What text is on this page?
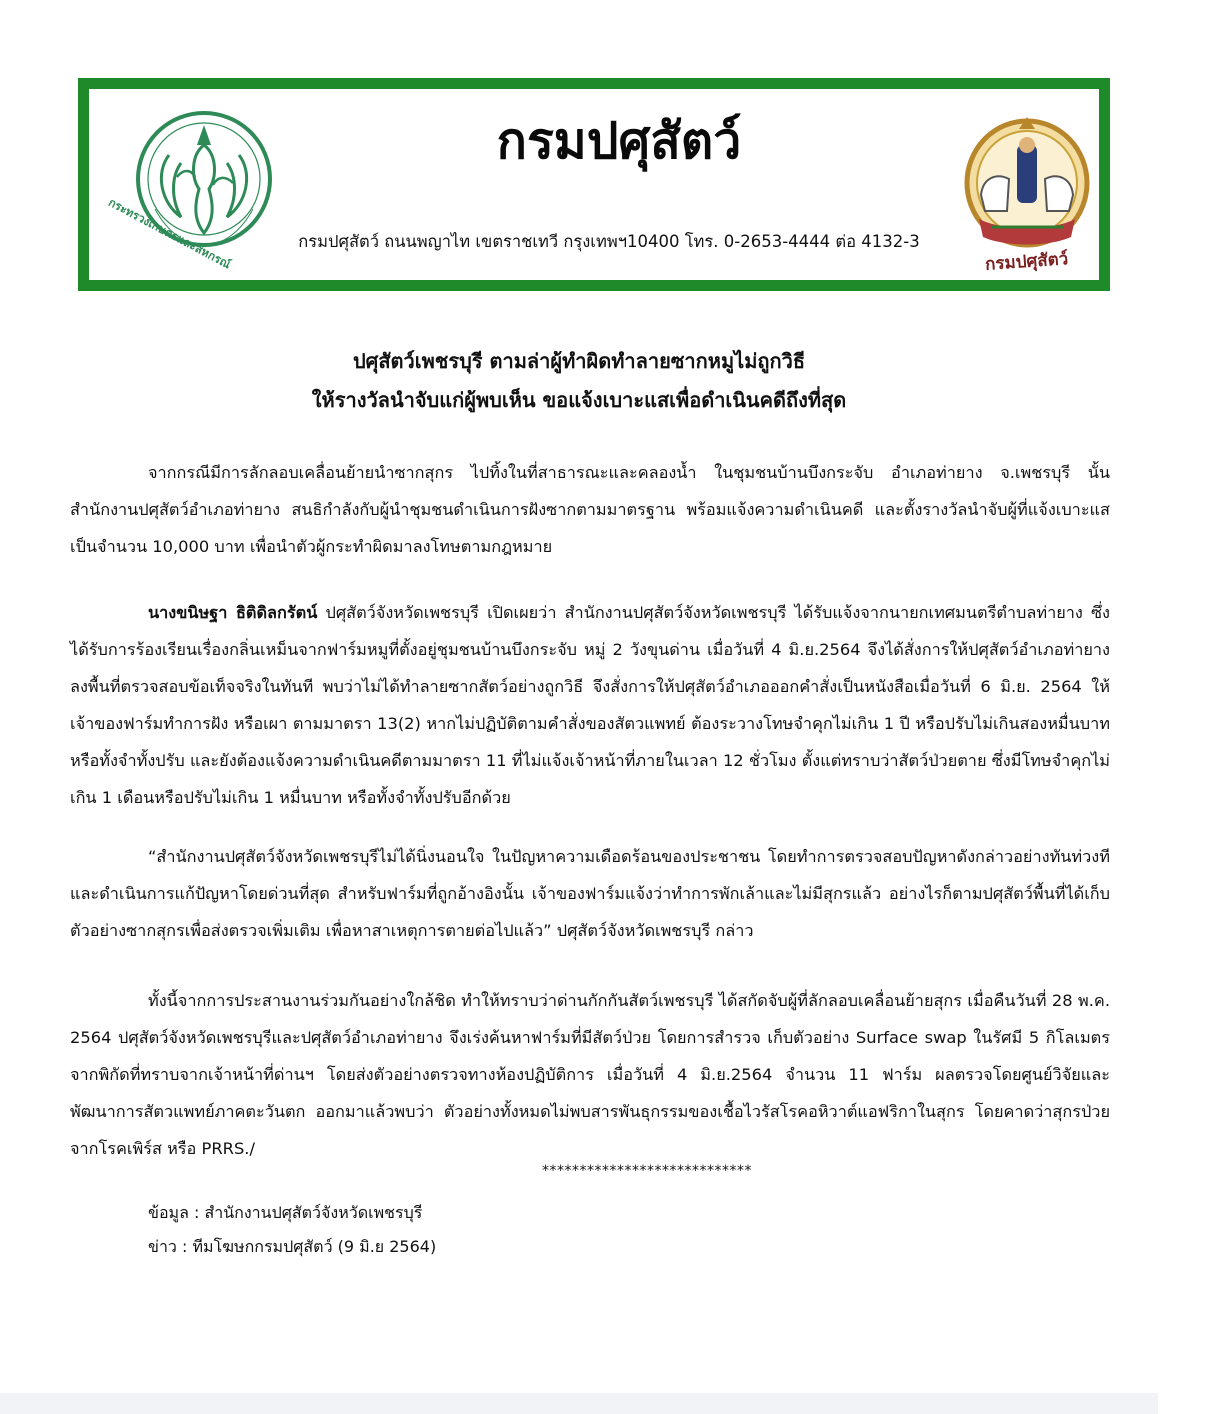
กระทรวงเกษตรและสหกรณ์
กรมปศุสัตว์
กรมปศุสัตว์ ถนนพญาไท เขตราชเทวี กรุงเทพฯ10400 โทร. 0-2653-4444 ต่อ 4132-3
กรมปศุสัตว์
ปศุสัตว์เพชรบุรี ตามล่าผู้ทำผิดทำลายซากหมูไม่ถูกวิธี
ให้รางวัลนำจับแก่ผู้พบเห็น ขอแจ้งเบาะแสเพื่อดำเนินคดีถึงที่สุด

จากกรณีมีการลักลอบเคลื่อนย้ายนำซากสุกร ไปทิ้งในที่สาธารณะและคลองน้ำ ในชุมชนบ้านบึงกระจับ อำเภอท่ายาง จ.เพชรบุรี นั้น สำนักงานปศุสัตว์อำเภอท่ายาง สนธิกำลังกับผู้นำชุมชนดำเนินการฝังซากตามมาตรฐาน พร้อมแจ้งความดำเนินคดี และตั้งรางวัลนำจับผู้ที่แจ้งเบาะแส เป็นจำนวน 10,000 บาท เพื่อนำตัวผู้กระทำผิดมาลงโทษตามกฎหมาย

นางขนิษฐา ธิติดิลกรัตน์ ปศุสัตว์จังหวัดเพชรบุรี เปิดเผยว่า สำนักงานปศุสัตว์จังหวัดเพชรบุรี ได้รับแจ้งจากนายกเทศมนตรีตำบลท่ายาง ซึ่งได้รับการร้องเรียนเรื่องกลิ่นเหม็นจากฟาร์มหมูที่ตั้งอยู่ชุมชนบ้านบึงกระจับ หมู่ 2 วังขุนด่าน เมื่อวันที่ 4 มิ.ย.2564 จึงได้สั่งการให้ปศุสัตว์อำเภอท่ายาง ลงพื้นที่ตรวจสอบข้อเท็จจริงในทันที พบว่าไม่ได้ทำลายซากสัตว์อย่างถูกวิธี จึงสั่งการให้ปศุสัตว์อำเภอออกคำสั่งเป็นหนังสือเมื่อวันที่ 6 มิ.ย. 2564 ให้เจ้าของฟาร์มทำการฝัง หรือเผา ตามมาตรา 13(2) หากไม่ปฏิบัติตามคำสั่งของสัตวแพทย์ ต้องระวางโทษจำคุกไม่เกิน 1 ปี หรือปรับไม่เกินสองหมื่นบาท หรือทั้งจำทั้งปรับ และยังต้องแจ้งความดำเนินคดีตามมาตรา 11 ที่ไม่แจ้งเจ้าหน้าที่ภายในเวลา 12 ชั่วโมง ตั้งแต่ทราบว่าสัตว์ป่วยตาย ซึ่งมีโทษจำคุกไม่เกิน 1 เดือนหรือปรับไม่เกิน 1 หมื่นบาท หรือทั้งจำทั้งปรับอีกด้วย

“สำนักงานปศุสัตว์จังหวัดเพชรบุรีไม่ได้นิ่งนอนใจ ในปัญหาความเดือดร้อนของประชาชน โดยทำการตรวจสอบปัญหาดังกล่าวอย่างทันท่วงที และดำเนินการแก้ปัญหาโดยด่วนที่สุด สำหรับฟาร์มที่ถูกอ้างอิงนั้น เจ้าของฟาร์มแจ้งว่าทำการพักเล้าและไม่มีสุกรแล้ว อย่างไรก็ตามปศุสัตว์พื้นที่ได้เก็บตัวอย่างซากสุกรเพื่อส่งตรวจเพิ่มเติม เพื่อหาสาเหตุการตายต่อไปแล้ว” ปศุสัตว์จังหวัดเพชรบุรี กล่าว

ทั้งนี้จากการประสานงานร่วมกันอย่างใกล้ชิด ทำให้ทราบว่าด่านกักกันสัตว์เพชรบุรี ได้สกัดจับผู้ที่ลักลอบเคลื่อนย้ายสุกร เมื่อคืนวันที่ 28 พ.ค. 2564 ปศุสัตว์จังหวัดเพชรบุรีและปศุสัตว์อำเภอท่ายาง จึงเร่งค้นหาฟาร์มที่มีสัตว์ป่วย โดยการสำรวจ เก็บตัวอย่าง Surface swap ในรัศมี 5 กิโลเมตร จากพิกัดที่ทราบจากเจ้าหน้าที่ด่านฯ โดยส่งตัวอย่างตรวจทางห้องปฏิบัติการ เมื่อวันที่ 4 มิ.ย.2564 จำนวน 11 ฟาร์ม ผลตรวจโดยศูนย์วิจัยและพัฒนาการสัตวแพทย์ภาคตะวันตก ออกมาแล้วพบว่า ตัวอย่างทั้งหมดไม่พบสารพันธุกรรมของเชื้อไวรัสโรคอหิวาต์แอฟริกาในสุกร โดยคาดว่าสุกรป่วยจากโรคเพิร์ส หรือ PRRS./

****************************
ข้อมูล : สำนักงานปศุสัตว์จังหวัดเพชรบุรี
ข่าว : ทีมโฆษกกรมปศุสัตว์ (9 มิ.ย 2564)
